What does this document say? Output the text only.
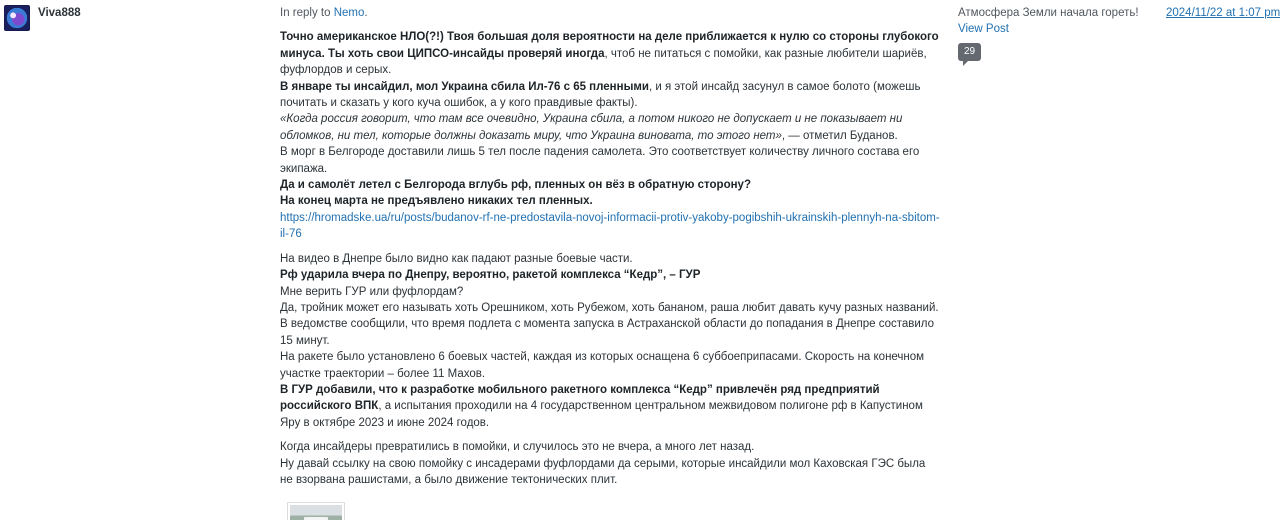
Viva888	In reply to Nemo.

Точно американское НЛО(?!) Твоя большая доля вероятности на деле приближается к нулю со стороны глубокого минуса. Ты хоть свои ЦИПСО-инсайды проверяй иногда, чтоб не питаться с помойки, как разные любители шариёв, фуфлордов и серых.
В январе ты инсайдил, мол Украина сбила Ил-76 с 65 пленными, и я этой инсайд засунул в самое болото (можешь почитать и сказать у кого куча ошибок, а у кого правдивые факты).
«Когда россия говорит, что там все очевидно, Украина сбила, а потом никого не допускает и не показывает ни обломков, ни тел, которые должны доказать миру, что Украина виновата, то этого нет», — отметил Буданов.
В морг в Белгороде доставили лишь 5 тел после падения самолета. Это соответствует количеству личного состава его экипажа.
Да и самолёт летел с Белгорода вглубь рф, пленных он вёз в обратную сторону?
На конец марта не предъявлено никаких тел пленных.
https://hromadske.ua/ru/posts/budanov-rf-ne-predostavila-novoj-informacii-protiv-yakoby-pogibshih-ukrainskih-plennyh-na-sbitom-il-76

На видео в Днепре было видно как падают разные боевые части.
Рф ударила вчера по Днепру, вероятно, ракетой комплекса “Кедр”, – ГУР
Мне верить ГУР или фуфлордам?
Да, тройник может его называть хоть Орешником, хоть Рубежом, хоть бананом, раша любит давать кучу разных названий.
В ведомстве сообщили, что время подлета с момента запуска в Астраханской области до попадания в Днепре составило 15 минут.
На ракете было установлено 6 боевых частей, каждая из которых оснащена 6 суббоеприпасами. Скорость на конечном участке траектории – более 11 Махов.
В ГУР добавили, что к разработке мобильного ракетного комплекса “Кедр” привлечён ряд предприятий российского ВПК, а испытания проходили на 4 государственном центральном межвидовом полигоне рф в Капустином Яру в октябре 2023 и июне 2024 годов.

Когда инсайдеры превратились в помойки, и случилось это не вчера, а много лет назад.
Ну давай ссылку на свою помойку с инсадерами фуфлордами да серыми, которые инсайдили мол Каховская ГЭС была не взорвана рашистами, а было движение тектонических плит.

Атмосфера Земли начала гореть!
View Post
29
2024/11/22 at 1:07 pm
